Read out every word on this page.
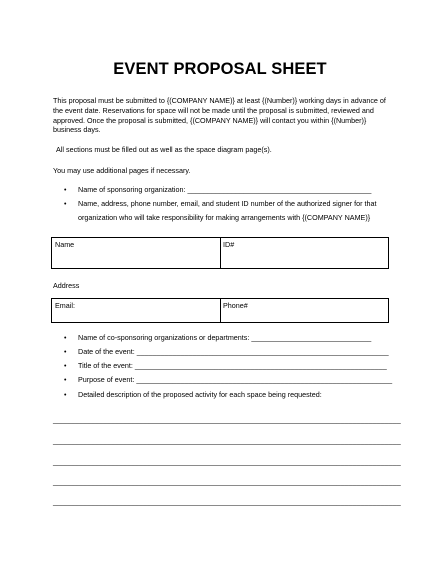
EVENT PROPOSAL SHEET
This proposal must be submitted to {(COMPANY NAME)} at least {(Number)} working days in advance of
the event date. Reservations for space will not be made until the proposal is submitted, reviewed and
approved. Once the proposal is submitted, {(COMPANY NAME)} will contact you within {(Number)}
business days.
All sections must be filled out as well as the space diagram page(s).
You may use additional pages if necessary.
• Name of sponsoring organization: ______________________________________________
• Name, address, phone number, email, and student ID number of the authorized signer for that
organization who will take responsibility for making arrangements with {(COMPANY NAME)}
Name	ID#
Address
Email:	Phone#
• Name of co-sponsoring organizations or departments: ______________________________
• Date of the event: _______________________________________________________________
• Title of the event: _______________________________________________________________
• Purpose of event: ________________________________________________________________
• Detailed description of the proposed activity for each space being requested:
_______________________________________________________________________________________
_______________________________________________________________________________________
_______________________________________________________________________________________
_______________________________________________________________________________________
_______________________________________________________________________________________
